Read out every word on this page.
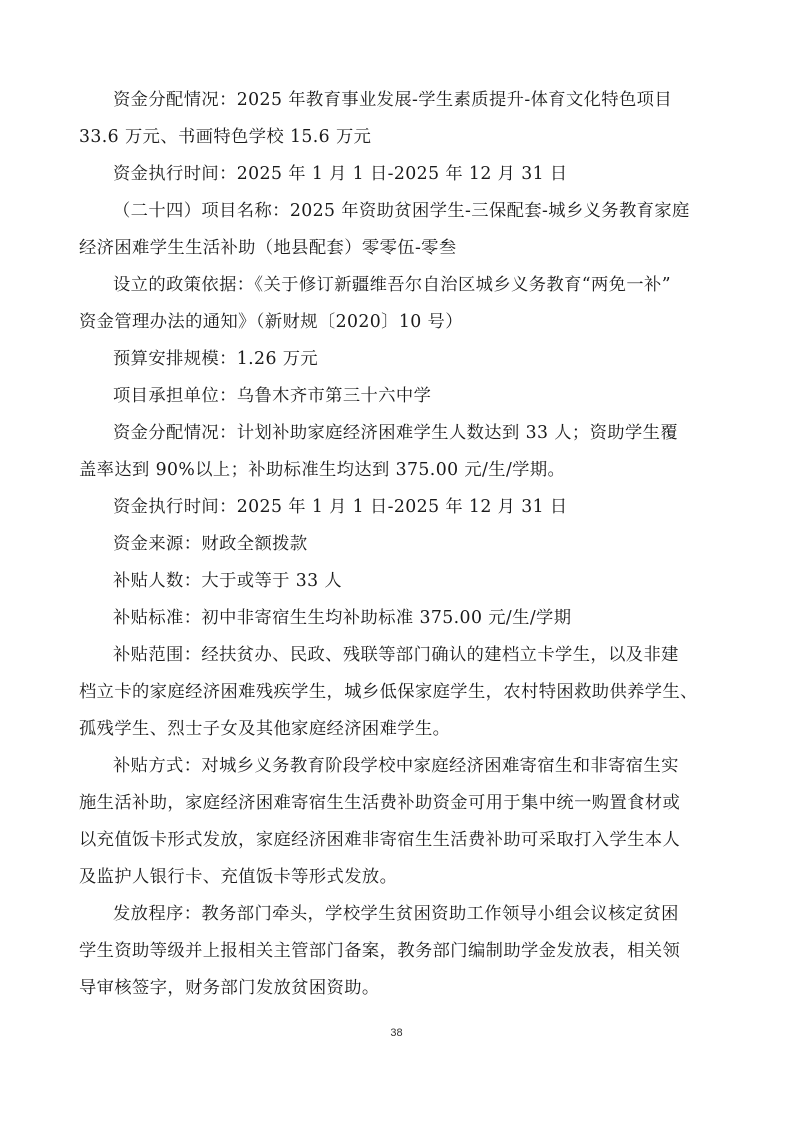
资金分配情况：2025 年教育事业发展-学生素质提升-体育文化特色项目
33.6 万元、书画特色学校 15.6 万元
资金执行时间：2025 年 1 月 1 日-2025 年 12 月 31 日
（二十四）项目名称：2025 年资助贫困学生-三保配套-城乡义务教育家庭
经济困难学生生活补助（地县配套）零零伍-零叁
设立的政策依据：《关于修订新疆维吾尔自治区城乡义务教育“两免一补”
资金管理办法的通知》（新财规〔2020〕10 号）
预算安排规模：1.26 万元
项目承担单位：乌鲁木齐市第三十六中学
资金分配情况：计划补助家庭经济困难学生人数达到 33 人；资助学生覆
盖率达到 90%以上；补助标准生均达到 375.00 元/生/学期。
资金执行时间：2025 年 1 月 1 日-2025 年 12 月 31 日
资金来源：财政全额拨款
补贴人数：大于或等于 33 人
补贴标准：初中非寄宿生生均补助标准 375.00 元/生/学期
补贴范围：经扶贫办、民政、残联等部门确认的建档立卡学生，以及非建
档立卡的家庭经济困难残疾学生，城乡低保家庭学生，农村特困救助供养学生、
孤残学生、烈士子女及其他家庭经济困难学生。
补贴方式：对城乡义务教育阶段学校中家庭经济困难寄宿生和非寄宿生实
施生活补助，家庭经济困难寄宿生生活费补助资金可用于集中统一购置食材或
以充值饭卡形式发放，家庭经济困难非寄宿生生活费补助可采取打入学生本人
及监护人银行卡、充值饭卡等形式发放。
发放程序：教务部门牵头，学校学生贫困资助工作领导小组会议核定贫困
学生资助等级并上报相关主管部门备案，教务部门编制助学金发放表，相关领
导审核签字，财务部门发放贫困资助。
38
